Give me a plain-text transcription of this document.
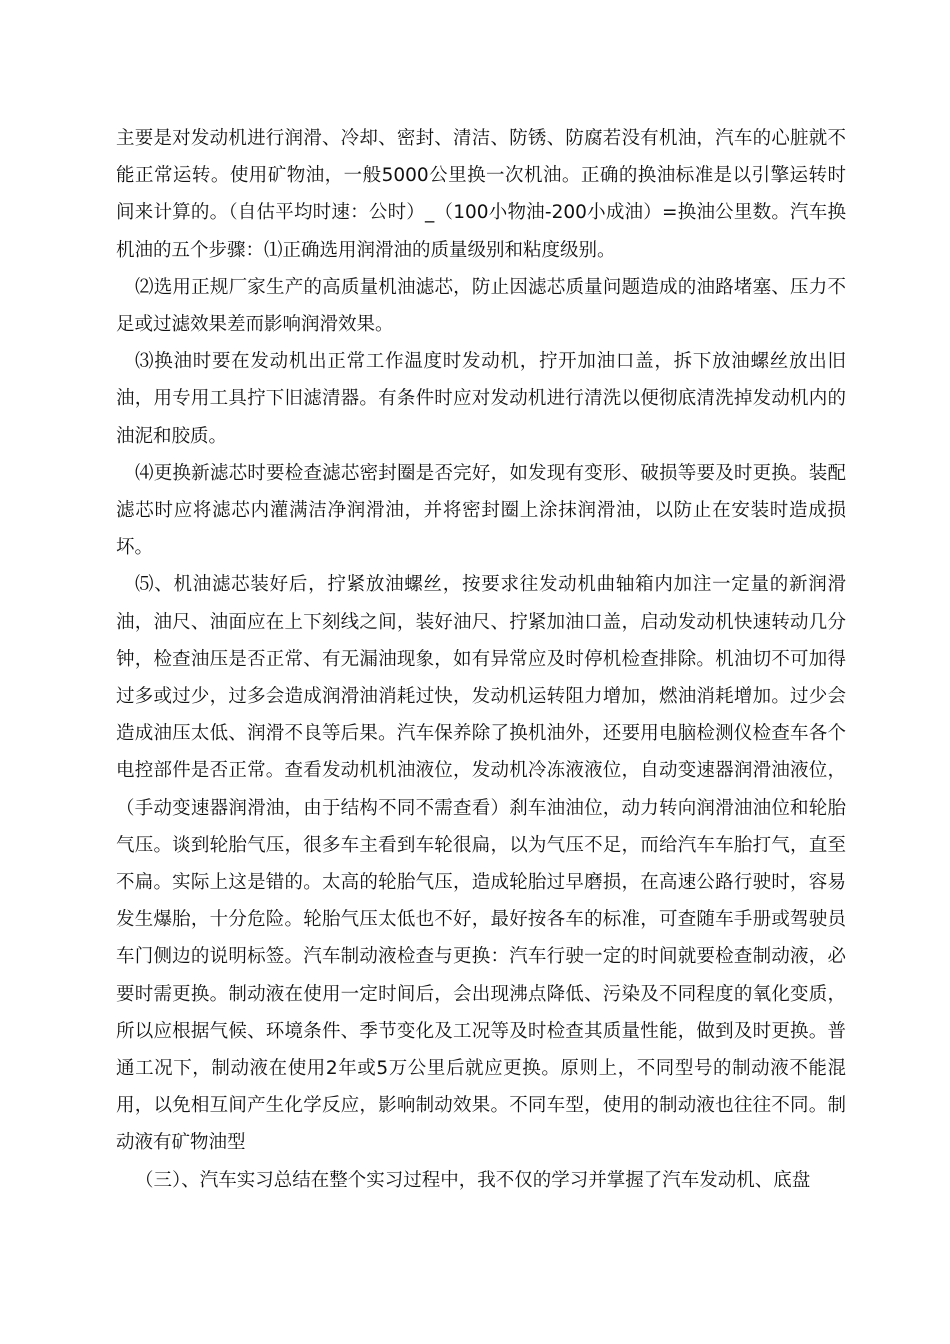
主要是对发动机进行润滑、冷却、密封、清洁、防锈、防腐若没有机油，汽车的心脏就不能正常运转。使用矿物油，一般5000公里换一次机油。正确的换油标准是以引擎运转时间来计算的。（自估平均时速：公时）_（100小物油-200小成油）=换油公里数。汽车换机油的五个步骤：⑴正确选用润滑油的质量级别和粘度级别。

⑵选用正规厂家生产的高质量机油滤芯，防止因滤芯质量问题造成的油路堵塞、压力不足或过滤效果差而影响润滑效果。

⑶换油时要在发动机出正常工作温度时发动机，拧开加油口盖，拆下放油螺丝放出旧油，用专用工具拧下旧滤清器。有条件时应对发动机进行清洗以便彻底清洗掉发动机内的油泥和胶质。

⑷更换新滤芯时要检查滤芯密封圈是否完好，如发现有变形、破损等要及时更换。装配滤芯时应将滤芯内灌满洁净润滑油，并将密封圈上涂抹润滑油，以防止在安装时造成损坏。

⑸、机油滤芯装好后，拧紧放油螺丝，按要求往发动机曲轴箱内加注一定量的新润滑油，油尺、油面应在上下刻线之间，装好油尺、拧紧加油口盖，启动发动机快速转动几分钟，检查油压是否正常、有无漏油现象，如有异常应及时停机检查排除。机油切不可加得过多或过少，过多会造成润滑油消耗过快，发动机运转阻力增加，燃油消耗增加。过少会造成油压太低、润滑不良等后果。汽车保养除了换机油外，还要用电脑检测仪检查车各个电控部件是否正常。查看发动机机油液位，发动机冷冻液液位，自动变速器润滑油液位，（手动变速器润滑油，由于结构不同不需查看）刹车油油位，动力转向润滑油油位和轮胎气压。谈到轮胎气压，很多车主看到车轮很扁，以为气压不足，而给汽车车胎打气，直至不扁。实际上这是错的。太高的轮胎气压，造成轮胎过早磨损，在高速公路行驶时，容易发生爆胎，十分危险。轮胎气压太低也不好，最好按各车的标准，可查随车手册或驾驶员车门侧边的说明标签。汽车制动液检查与更换：汽车行驶一定的时间就要检查制动液，必要时需更换。制动液在使用一定时间后，会出现沸点降低、污染及不同程度的氧化变质，所以应根据气候、环境条件、季节变化及工况等及时检查其质量性能，做到及时更换。普通工况下，制动液在使用2年或5万公里后就应更换。原则上，不同型号的制动液不能混用，以免相互间产生化学反应，影响制动效果。不同车型，使用的制动液也往往不同。制动液有矿物油型

（三）、汽车实习总结在整个实习过程中，我不仅的学习并掌握了汽车发动机、底盘
